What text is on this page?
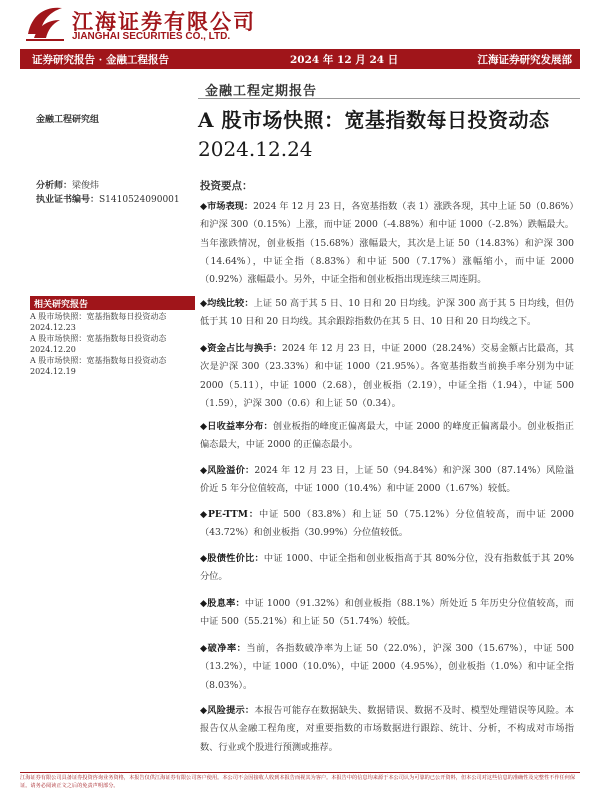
江海证券有限公司
JIANGHAI SECURITIES CO., LTD.
证券研究报告 · 金融工程报告	2024 年 12 月 24 日	江海证券研究发展部
金融工程定期报告
金融工程研究组
分析师：梁俊炜
执业证书编号：S1410524090001
相关研究报告
A 股市场快照：宽基指数每日投资动态 2024.12.23
A 股市场快照：宽基指数每日投资动态 2024.12.20
A 股市场快照：宽基指数每日投资动态 2024.12.19
A 股市场快照：宽基指数每日投资动态
2024.12.24
投资要点：
◆市场表现：2024 年 12 月 23 日，各宽基指数（表 1）涨跌各现，其中上证 50（0.86%）和沪深 300（0.15%）上涨，而中证 2000（-4.88%）和中证 1000（-2.8%）跌幅最大。当年涨跌情况，创业板指（15.68%）涨幅最大，其次是上证 50（14.83%）和沪深 300（14.64%），中证全指（8.83%）和中证 500（7.17%）涨幅缩小，而中证 2000（0.92%）涨幅最小。另外，中证全指和创业板指出现连续三周连阴。
◆均线比较：上证 50 高于其 5 日、10 日和 20 日均线。沪深 300 高于其 5 日均线，但仍低于其 10 日和 20 日均线。其余跟踪指数仍在其 5 日、10 日和 20 日均线之下。
◆资金占比与换手：2024 年 12 月 23 日，中证 2000（28.24%）交易金额占比最高，其次是沪深 300（23.33%）和中证 1000（21.95%）。各宽基指数当前换手率分别为中证 2000（5.11），中证 1000（2.68），创业板指（2.19），中证全指（1.94），中证 500（1.59），沪深 300（0.6）和上证 50（0.34）。
◆日收益率分布：创业板指的峰度正偏离最大，中证 2000 的峰度正偏离最小。创业板指正偏态最大，中证 2000 的正偏态最小。
◆风险溢价：2024 年 12 月 23 日，上证 50（94.84%）和沪深 300（87.14%）风险溢价近 5 年分位值较高，中证 1000（10.4%）和中证 2000（1.67%）较低。
◆PE-TTM：中证 500（83.8%）和上证 50（75.12%）分位值较高，而中证 2000（43.72%）和创业板指（30.99%）分位值较低。
◆股债性价比：中证 1000、中证全指和创业板指高于其 80%分位，没有指数低于其 20%分位。
◆股息率：中证 1000（91.32%）和创业板指（88.1%）所处近 5 年历史分位值较高，而中证 500（55.21%）和上证 50（51.74%）较低。
◆破净率：当前，各指数破净率为上证 50（22.0%），沪深 300（15.67%），中证 500（13.2%），中证 1000（10.0%），中证 2000（4.95%），创业板指（1.0%）和中证全指（8.03%）。
◆风险提示：本报告可能存在数据缺失、数据错误、数据不及时、模型处理错误等风险。本报告仅从金融工程角度，对重要指数的市场数据进行跟踪、统计、分析，不构成对市场指数、行业或个股进行预测或推荐。
江海证券有限公司具备证券投资咨询业务资格，本报告仅供江海证券有限公司客户使用。本公司不会因接收人收到本报告而视其为客户。本报告中的信息均来源于本公司认为可靠的已公开资料，但本公司对这些信息的准确性及完整性不作任何保证。请务必阅读正文之后的免责声明部分。
